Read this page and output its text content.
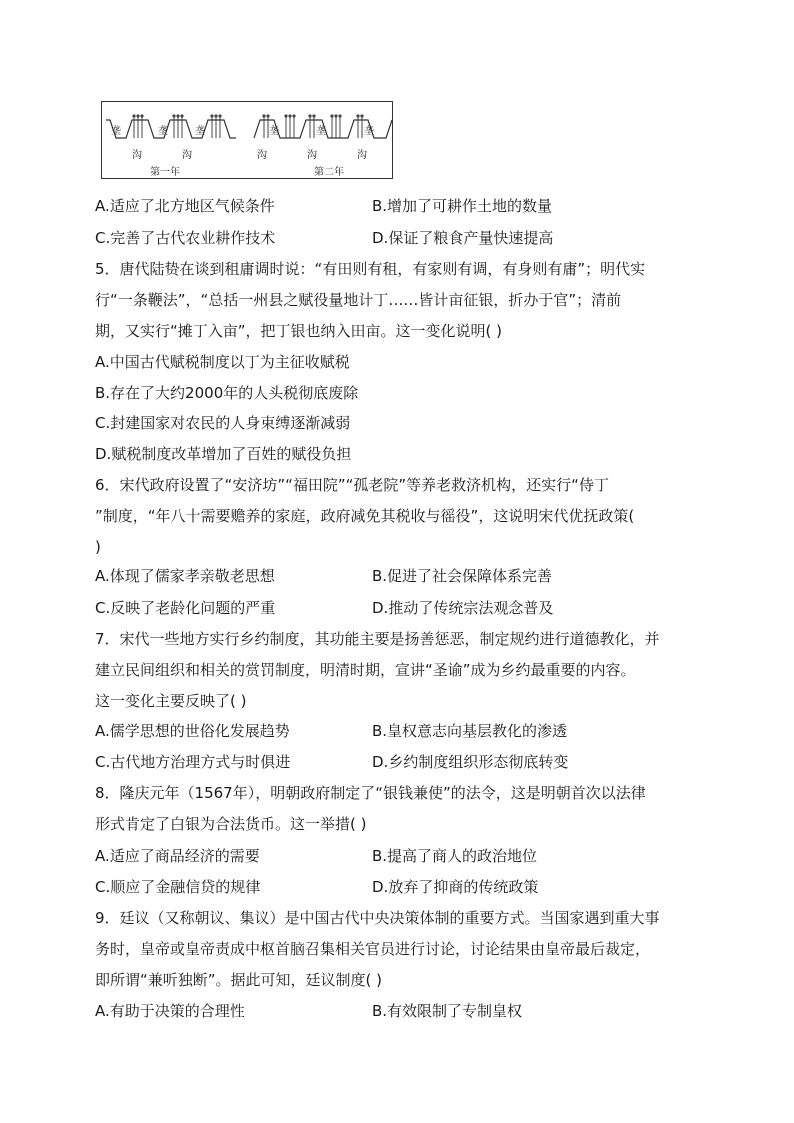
垄	垄	垄	垄	垄	垄
沟	沟	沟	沟	沟
第一年	第二年
A.适应了北方地区气候条件	B.增加了可耕作土地的数量
C.完善了古代农业耕作技术	D.保证了粮食产量快速提高
5．唐代陆贽在谈到租庸调时说：“有田则有租，有家则有调，有身则有庸”；明代实
行“一条鞭法”，“总括一州县之赋役量地计丁……皆计亩征银，折办于官”；清前
期，又实行“摊丁入亩”，把丁银也纳入田亩。这一变化说明( )
A.中国古代赋税制度以丁为主征收赋税
B.存在了大约2000年的人头税彻底废除
C.封建国家对农民的人身束缚逐渐减弱
D.赋税制度改革增加了百姓的赋役负担
6．宋代政府设置了“安济坊”“福田院”“孤老院”等养老救济机构，还实行“侍丁
”制度，“年八十需要赡养的家庭，政府减免其税收与徭役”，这说明宋代优抚政策(
)
A.体现了儒家孝亲敬老思想	B.促进了社会保障体系完善
C.反映了老龄化问题的严重	D.推动了传统宗法观念普及
7．宋代一些地方实行乡约制度，其功能主要是扬善惩恶，制定规约进行道德教化，并
建立民间组织和相关的赏罚制度，明清时期，宣讲“圣谕”成为乡约最重要的内容。
这一变化主要反映了( )
A.儒学思想的世俗化发展趋势	B.皇权意志向基层教化的渗透
C.古代地方治理方式与时俱进	D.乡约制度组织形态彻底转变
8．隆庆元年（1567年），明朝政府制定了“银钱兼使”的法令，这是明朝首次以法律
形式肯定了白银为合法货币。这一举措( )
A.适应了商品经济的需要	B.提高了商人的政治地位
C.顺应了金融信贷的规律	D.放弃了抑商的传统政策
9．廷议（又称朝议、集议）是中国古代中央决策体制的重要方式。当国家遇到重大事
务时，皇帝或皇帝责成中枢首脑召集相关官员进行讨论，讨论结果由皇帝最后裁定，
即所谓“兼听独断”。据此可知，廷议制度( )
A.有助于决策的合理性	B.有效限制了专制皇权
